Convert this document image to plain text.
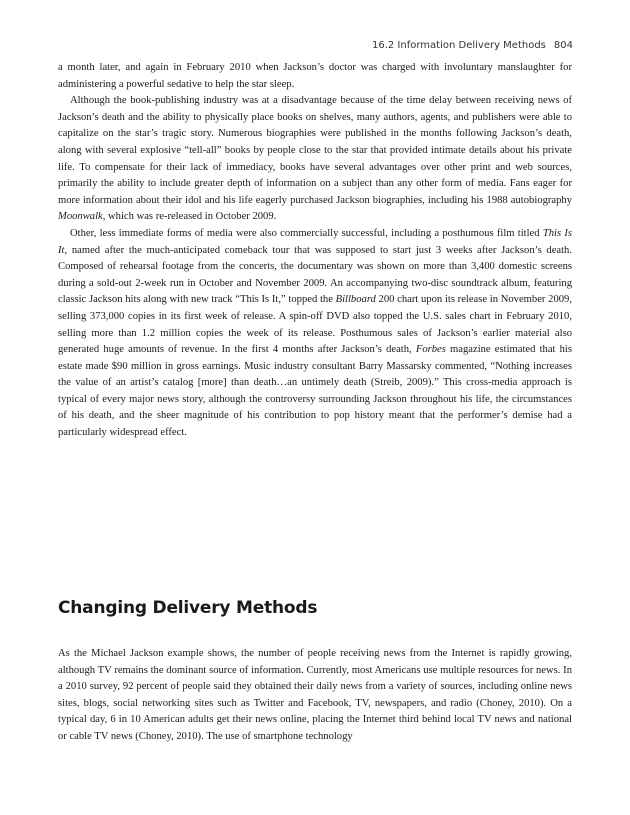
16.2 Information Delivery Methods 804

a month later, and again in February 2010 when Jackson’s doctor was charged with involuntary manslaughter for administering a powerful sedative to help the star sleep.

Although the book-publishing industry was at a disadvantage because of the time delay between receiving news of Jackson’s death and the ability to physically place books on shelves, many authors, agents, and publishers were able to capitalize on the star’s tragic story. Numerous biographies were published in the months following Jackson’s death, along with several explosive “tell-all” books by people close to the star that provided intimate details about his private life. To compensate for their lack of immediacy, books have several advantages over other print and web sources, primarily the ability to include greater depth of information on a subject than any other form of media. Fans eager for more information about their idol and his life eagerly purchased Jackson biographies, including his 1988 autobiography Moonwalk, which was re-released in October 2009.

Other, less immediate forms of media were also commercially successful, including a posthumous film titled This Is It, named after the much-anticipated comeback tour that was supposed to start just 3 weeks after Jackson’s death. Composed of rehearsal footage from the concerts, the documentary was shown on more than 3,400 domestic screens during a sold-out 2-week run in October and November 2009. An accompanying two-disc soundtrack album, featuring classic Jackson hits along with new track “This Is It,” topped the Billboard 200 chart upon its release in November 2009, selling 373,000 copies in its first week of release. A spin-off DVD also topped the U.S. sales chart in February 2010, selling more than 1.2 million copies the week of its release. Posthumous sales of Jackson’s earlier material also generated huge amounts of revenue. In the first 4 months after Jackson’s death, Forbes magazine estimated that his estate made $90 million in gross earnings. Music industry consultant Barry Massarsky commented, “Nothing increases the value of an artist’s catalog [more] than death…an untimely death (Streib, 2009).” This cross-media approach is typical of every major news story, although the controversy surrounding Jackson throughout his life, the circumstances of his death, and the sheer magnitude of his contribution to pop history meant that the performer’s demise had a particularly widespread effect.

Changing Delivery Methods

As the Michael Jackson example shows, the number of people receiving news from the Internet is rapidly growing, although TV remains the dominant source of information. Currently, most Americans use multiple resources for news. In a 2010 survey, 92 percent of people said they obtained their daily news from a variety of sources, including online news sites, blogs, social networking sites such as Twitter and Facebook, TV, newspapers, and radio (Choney, 2010). On a typical day, 6 in 10 American adults get their news online, placing the Internet third behind local TV news and national or cable TV news (Choney, 2010). The use of smartphone technology
